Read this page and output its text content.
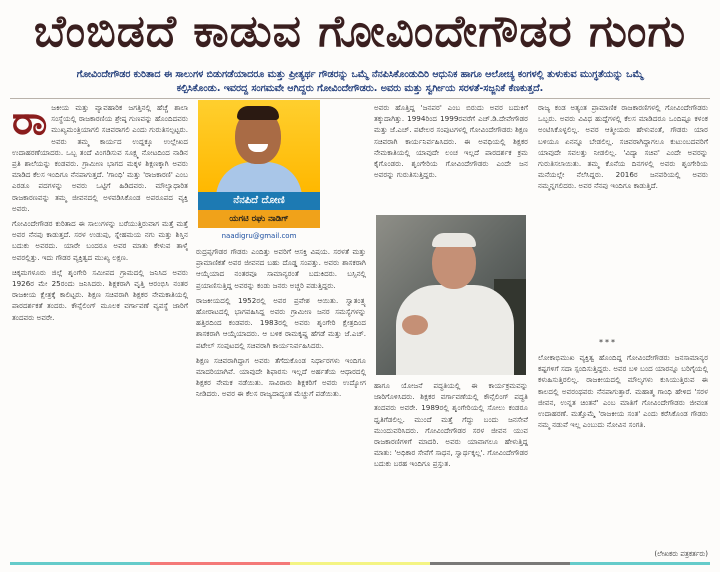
ಬೆಂಬಿಡದೆ ಕಾಡುವ ಗೋವಿಂದೇಗೌಡರ ಗುಂಗು
ಗೋವಿಂದೇಗೌಡರ ಕುರಿತಾದ ಈ ಸಾಲುಗಳ ಬಿಡುಗಡೆಯಾದರೂ ಮತ್ತು ಪ್ರೀತ್ಯರ್ಥ ಗೌಡರನ್ನು ಒಮ್ಮೆ ನೆನಪಿಸಿಕೊಂಡುದಿರಿ ಆಧುನಿಕ ಹಾಗೂ ಆಲೋಚ್ಯ ಕಂಗಳಲ್ಲಿ ತುಳುಕುವ ಮುಗ್ಧತೆಯನ್ನು ಒಮ್ಮೆ ಕಲ್ಪಿಸಿಕೊಂಡು. ಇವರದ್ದ ಸಂಗಮವೇ ಆಗಿದ್ದರು ಗೋವಿಂದೇಗೌಡರು. ಅವರು ಮತ್ತು ಸ್ವರ್ಗೀಯ ಸರಳತೆ-ಸಜ್ಜನಿಕೆ ಕೆಣಕುತ್ತದೆ.
ರಾ ಜಕೀಯ ಮತ್ತು ವ್ಯಾವಹಾರಿಕ ಜಗತ್ತಿನಲ್ಲಿ ಹೆಚ್ಚೆ ಶಾಲಾ ಸಂಸ್ಥೆಯಲ್ಲಿ ರಾಜಕಾರಣಿಯ ಶ್ರೇಷ್ಠ ಗುಣವನ್ನು ಹೊಂದಿದವರು ಮುಖ್ಯಮಂತ್ರಿಯಾಗಲಿ ಸಚಿವರಾಗಲಿ ಎಂದು ಗುರುತಿಸಲ್ಪಟ್ಟರು. ಅವರು ತಮ್ಮ ಕಾರ್ಯದ ಉದ್ದಕ್ಕೂ ಉಲ್ಲೇಖದ ಉದಾಹರಣೆಯಾದರು. ಒಬ್ಬ ತಂದೆ ವಿಂಗಡಿಸುವ ಸೂಕ್ಷ್ಮ ನೋಟದಿಂದ ನಾಡಿನ ಪ್ರತಿ ಶಾಲೆಯನ್ನು ಕಂಡವರು. ಗ್ರಾಮೀಣ ಭಾಗದ ಮಕ್ಕಳ ಶಿಕ್ಷಣಕ್ಕಾಗಿ ಅವರು ಮಾಡಿದ ಕೆಲಸ ಇಂದಿಗೂ ನೆನಪಾಗುತ್ತದೆ. 'ಗಾಂಧಿ' ಮತ್ತು 'ರಾಜಕಾರಣಿ' ಎಂಬ ಎರಡೂ ಪದಗಳನ್ನು ಅವರು ಒಟ್ಟಿಗೆ ಹಿಡಿದವರು. ಮೌಲ್ಯಾಧಾರಿತ ರಾಜಕಾರಣವನ್ನು ತಮ್ಮ ಜೀವನದಲ್ಲಿ ಅಳವಡಿಸಿಕೊಂಡ ಅಪರೂಪದ ವ್ಯಕ್ತಿ ಅವರು.

ಗೋವಿಂದೇಗೌಡರ ಕುರಿತಾದ ಈ ಸಾಲುಗಳನ್ನು ಬರೆಯುತ್ತಿರುವಾಗ ಮತ್ತೆ ಮತ್ತೆ ಅವರ ನೆನಪು ಕಾಡುತ್ತದೆ. ಸರಳ ಉಡುಪು, ಸ್ನೇಹಮಯ ನಗು ಮತ್ತು ಶಿಸ್ತಿನ ಬದುಕು ಅವರದು. ಯಾರೇ ಬಂದರೂ ಅವರ ಮಾತು ಕೇಳುವ ತಾಳ್ಮೆ ಅವರಲ್ಲಿತ್ತು. ಇದು ಗೌಡರ ವ್ಯಕ್ತಿತ್ವದ ಮುಖ್ಯ ಲಕ್ಷಣ.

ಚಿಕ್ಕಮಗಳೂರು ಜಿಲ್ಲೆ ಶೃಂಗೇರಿ ಸಮೀಪದ ಗ್ರಾಮದಲ್ಲಿ ಜನಿಸಿದ ಅವರು 1926ರ ಮೇ 25ರಂದು ಜನಿಸಿದರು. ಶಿಕ್ಷಕರಾಗಿ ವೃತ್ತಿ ಆರಂಭಿಸಿ ನಂತರ ರಾಜಕೀಯ ಕ್ಷೇತ್ರಕ್ಕೆ ಕಾಲಿಟ್ಟರು. ಶಿಕ್ಷಣ ಸಚಿವರಾಗಿ ಶಿಕ್ಷಕರ ನೇಮಕಾತಿಯಲ್ಲಿ ಪಾರದರ್ಶಕತೆ ತಂದರು. ಕೌನ್ಸೆಲಿಂಗ್ ಮೂಲಕ ವರ್ಗಾವಣೆ ವ್ಯವಸ್ಥೆ ಜಾರಿಗೆ ತಂದವರು ಅವರೇ.

ನೆನಪಿದೆ ದೋಣಿ
ಯಗಟಿ ರಘು ನಾಡಿಗ್
naadigru@gmail.com
ರುದ್ರಪ್ಪಗೌಡರ ಗೌಡರು ಎಂದಿತ್ತು ಅವರಿಗೆ ಆಸಕ್ತಿ ವಿಷಯ. ಸರಳತೆ ಮತ್ತು ಪ್ರಾಮಾಣಿಕತೆ ಅವರ ಜೀವನದ ಬಹು ದೊಡ್ಡ ಸಂಪತ್ತು. ಅವರು ಶಾಸಕರಾಗಿ ಆಯ್ಕೆಯಾದ ನಂತರವೂ ಸಾಮಾನ್ಯರಂತೆ ಬದುಕಿದರು. ಬಸ್ಸಿನಲ್ಲಿ ಪ್ರಯಾಣಿಸುತ್ತಿದ್ದ ಅವರನ್ನು ಕಂಡು ಜನರು ಅಚ್ಚರಿ ಪಡುತ್ತಿದ್ದರು.

ರಾಜಕೀಯದಲ್ಲಿ 1952ರಲ್ಲಿ ಅವರ ಪ್ರವೇಶ ಆಯಿತು. ಸ್ವಾತಂತ್ರ್ಯ ಹೋರಾಟದಲ್ಲಿ ಭಾಗವಹಿಸಿದ್ದ ಅವರು ಗ್ರಾಮೀಣ ಜನರ ಸಮಸ್ಯೆಗಳನ್ನು ಹತ್ತಿರದಿಂದ ಕಂಡವರು. 1983ರಲ್ಲಿ ಅವರು ಶೃಂಗೇರಿ ಕ್ಷೇತ್ರದಿಂದ ಶಾಸಕರಾಗಿ ಆಯ್ಕೆಯಾದರು. ಆ ಬಳಿಕ ರಾಮಕೃಷ್ಣ ಹೆಗಡೆ ಮತ್ತು ಜೆ.ಎಚ್. ಪಟೇಲ್ ಸಂಪುಟದಲ್ಲಿ ಸಚಿವರಾಗಿ ಕಾರ್ಯನಿರ್ವಹಿಸಿದರು.

ಶಿಕ್ಷಣ ಸಚಿವರಾಗಿದ್ದಾಗ ಅವರು ತೆಗೆದುಕೊಂಡ ನಿರ್ಧಾರಗಳು ಇಂದಿಗೂ ಮಾದರಿಯಾಗಿವೆ. ಯಾವುದೇ ಶಿಫಾರಸು ಇಲ್ಲದೆ ಅರ್ಹತೆಯ ಆಧಾರದಲ್ಲಿ ಶಿಕ್ಷಕರ ನೇಮಕ ನಡೆಯಿತು. ಸಾವಿರಾರು ಶಿಕ್ಷಕರಿಗೆ ಅವರು ಉದ್ಯೋಗ ನೀಡಿದರು. ಅವರ ಈ ಕೆಲಸ ರಾಜ್ಯದಾದ್ಯಂತ ಮೆಚ್ಚುಗೆ ಪಡೆಯಿತು.

ಅವರು ಹೊತ್ತಿದ್ದ 'ಜನಪರ' ಎಂಬ ಬಿರುದು ಅವರ ಬದುಕಿಗೆ ತಕ್ಕುದಾಗಿತ್ತು. 1994ರಿಂದ 1999ರವರೆಗೆ ಎಚ್.ಡಿ.ದೇವೇಗೌಡರ ಮತ್ತು ಜೆ.ಎಚ್. ಪಟೇಲರ ಸಂಪುಟಗಳಲ್ಲಿ ಗೋವಿಂದೇಗೌಡರು ಶಿಕ್ಷಣ ಸಚಿವರಾಗಿ ಕಾರ್ಯನಿರ್ವಹಿಸಿದರು. ಈ ಅವಧಿಯಲ್ಲಿ ಶಿಕ್ಷಕರ ನೇಮಕಾತಿಯಲ್ಲಿ ಯಾವುದೇ ಲಂಚ ಇಲ್ಲದೆ ಪಾರದರ್ಶಕ ಕ್ರಮ ಕೈಗೊಂಡರು. ಶೃಂಗೇರಿಯ ಗೋವಿಂದೇಗೌಡರು ಎಂದೇ ಜನ ಅವರನ್ನು ಗುರುತಿಸುತ್ತಿದ್ದರು.
ಹಾಗೂ ಯೋಜನೆ ಪದ್ಧತಿಯಲ್ಲಿ ಈ ಕಾರ್ಯಕ್ರಮವನ್ನು ಜಾರಿಗೊಳಿಸಿದರು. ಶಿಕ್ಷಕರ ವರ್ಗಾವಣೆಯಲ್ಲಿ ಕೌನ್ಸೆಲಿಂಗ್ ಪದ್ಧತಿ ತಂದವರು ಅವರೇ. 1989ರಲ್ಲಿ ಶೃಂಗೇರಿಯಲ್ಲಿ ಸೋಲು ಕಂಡರೂ ಧೃತಿಗೆಡಲಿಲ್ಲ. ಮುಂದೆ ಮತ್ತೆ ಗೆದ್ದು ಬಂದು ಜನಸೇವೆ ಮುಂದುವರಿಸಿದರು. ಗೋವಿಂದೇಗೌಡರ ಸರಳ ಜೀವನ ಯುವ ರಾಜಕಾರಣಿಗಳಿಗೆ ಮಾದರಿ. ಅವರು ಯಾವಾಗಲೂ ಹೇಳುತ್ತಿದ್ದ ಮಾತು: 'ಅಧಿಕಾರ ಸೇವೆಗೆ ಸಾಧನ, ಸ್ವಾರ್ಥಕ್ಕಲ್ಲ'. ಗೋವಿಂದೇಗೌಡರ ಬದುಕು ಬರಹ ಇಂದಿಗೂ ಪ್ರಸ್ತುತ.
ರಾಜ್ಯ ಕಂಡ ಅತ್ಯಂತ ಪ್ರಾಮಾಣಿಕ ರಾಜಕಾರಣಿಗಳಲ್ಲಿ ಗೋವಿಂದೇಗೌಡರು ಒಬ್ಬರು. ಅವರು ವಿವಿಧ ಹುದ್ದೆಗಳಲ್ಲಿ ಕೆಲಸ ಮಾಡಿದರೂ ಒಂದಿಷ್ಟೂ ಕಳಂಕ ಅಂಟಿಸಿಕೊಳ್ಳಲಿಲ್ಲ. ಅವರ ಆತ್ಮೀಯರು ಹೇಳುವಂತೆ, ಗೌಡರು ಯಾರ ಬಳಿಯೂ ಏನನ್ನೂ ಬೇಡಲಿಲ್ಲ. ಸಚಿವರಾಗಿದ್ದಾಗಲೂ ಕುಟುಂಬದವರಿಗೆ ಯಾವುದೇ ಸವಲತ್ತು ನೀಡಲಿಲ್ಲ. 'ವಿದ್ಯಾ ಸಚಿವ' ಎಂದೇ ಅವರನ್ನು ಗುರುತಿಸಲಾಯಿತು. ತಮ್ಮ ಕೊನೆಯ ದಿನಗಳಲ್ಲಿ ಅವರು ಶೃಂಗೇರಿಯ ಮನೆಯಲ್ಲೇ ನೆಲೆಸಿದ್ದರು. 2016ರ ಜನವರಿಯಲ್ಲಿ ಅವರು ನಮ್ಮನ್ನಗಲಿದರು. ಅವರ ನೆನಪು ಇಂದಿಗೂ ಕಾಡುತ್ತಿದೆ.
***
ಲೋಕಾಭಿಮುಖ ವ್ಯಕ್ತಿತ್ವ ಹೊಂದಿದ್ದ ಗೋವಿಂದೇಗೌಡರು ಜನಸಾಮಾನ್ಯರ ಕಷ್ಟಗಳಿಗೆ ಸದಾ ಸ್ಪಂದಿಸುತ್ತಿದ್ದರು. ಅವರ ಬಳಿ ಬಂದ ಯಾರನ್ನೂ ಬರಿಗೈಯಲ್ಲಿ ಕಳುಹಿಸುತ್ತಿರಲಿಲ್ಲ. ರಾಜಕೀಯದಲ್ಲಿ ಮೌಲ್ಯಗಳು ಕುಸಿಯುತ್ತಿರುವ ಈ ಕಾಲದಲ್ಲಿ ಅವರಂಥವರು ನೆನಪಾಗುತ್ತಾರೆ. ಮಹಾತ್ಮ ಗಾಂಧಿ ಹೇಳಿದ 'ಸರಳ ಜೀವನ, ಉನ್ನತ ಚಿಂತನೆ' ಎಂಬ ಮಾತಿಗೆ ಗೋವಿಂದೇಗೌಡರು ಜೀವಂತ ಉದಾಹರಣೆ. ಮತ್ತೊಮ್ಮೆ 'ರಾಜಕೀಯ ಸಂತ' ಎಂದು ಕರೆಸಿಕೊಂಡ ಗೌಡರು ನಮ್ಮ ನಡುವೆ ಇಲ್ಲ ಎಂಬುದು ನೋವಿನ ಸಂಗತಿ.
(ಲೇಖಕರು ಪತ್ರಕರ್ತರು)
